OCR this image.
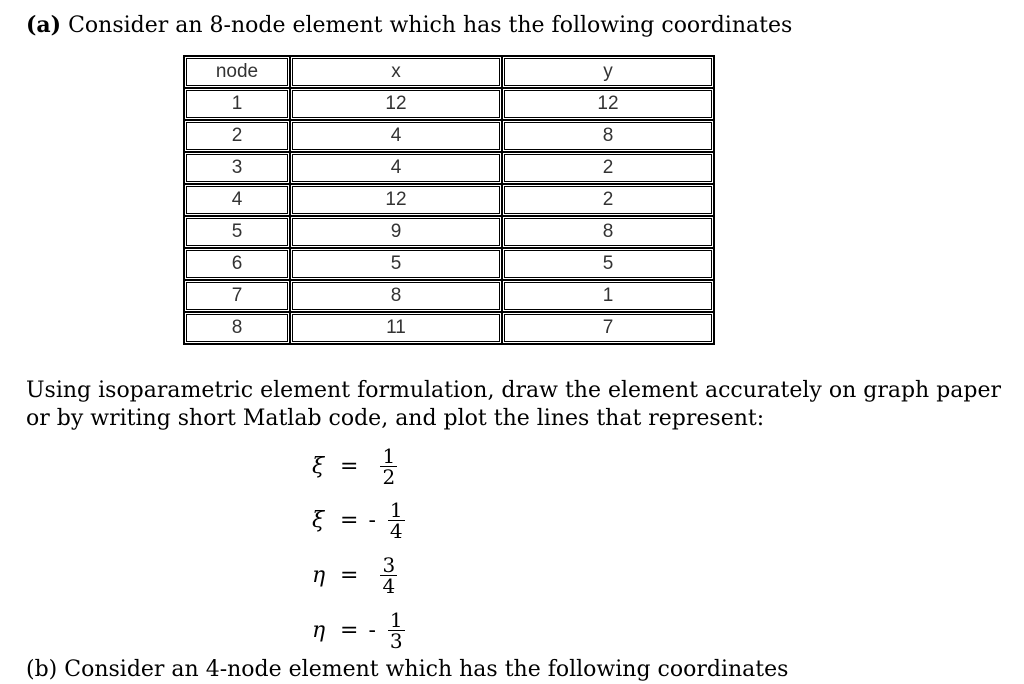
(a) Consider an 8-node element which has the following coordinates
node	x	y
1	12	12
2	4	8
3	4	2
4	12	2
5	9	8
6	5	5
7	8	1
8	11	7

Using isoparametric element formulation, draw the element accurately on graph paper or by writing short Matlab code, and plot the lines that represent:

$\xi = \frac{1}{2}$
ξ = - $\frac{1}{4}$
$\eta = \frac{3}{4}$
η = - $\frac{1}{3}$
(b) Consider an 4-node element which has the following coordinates
